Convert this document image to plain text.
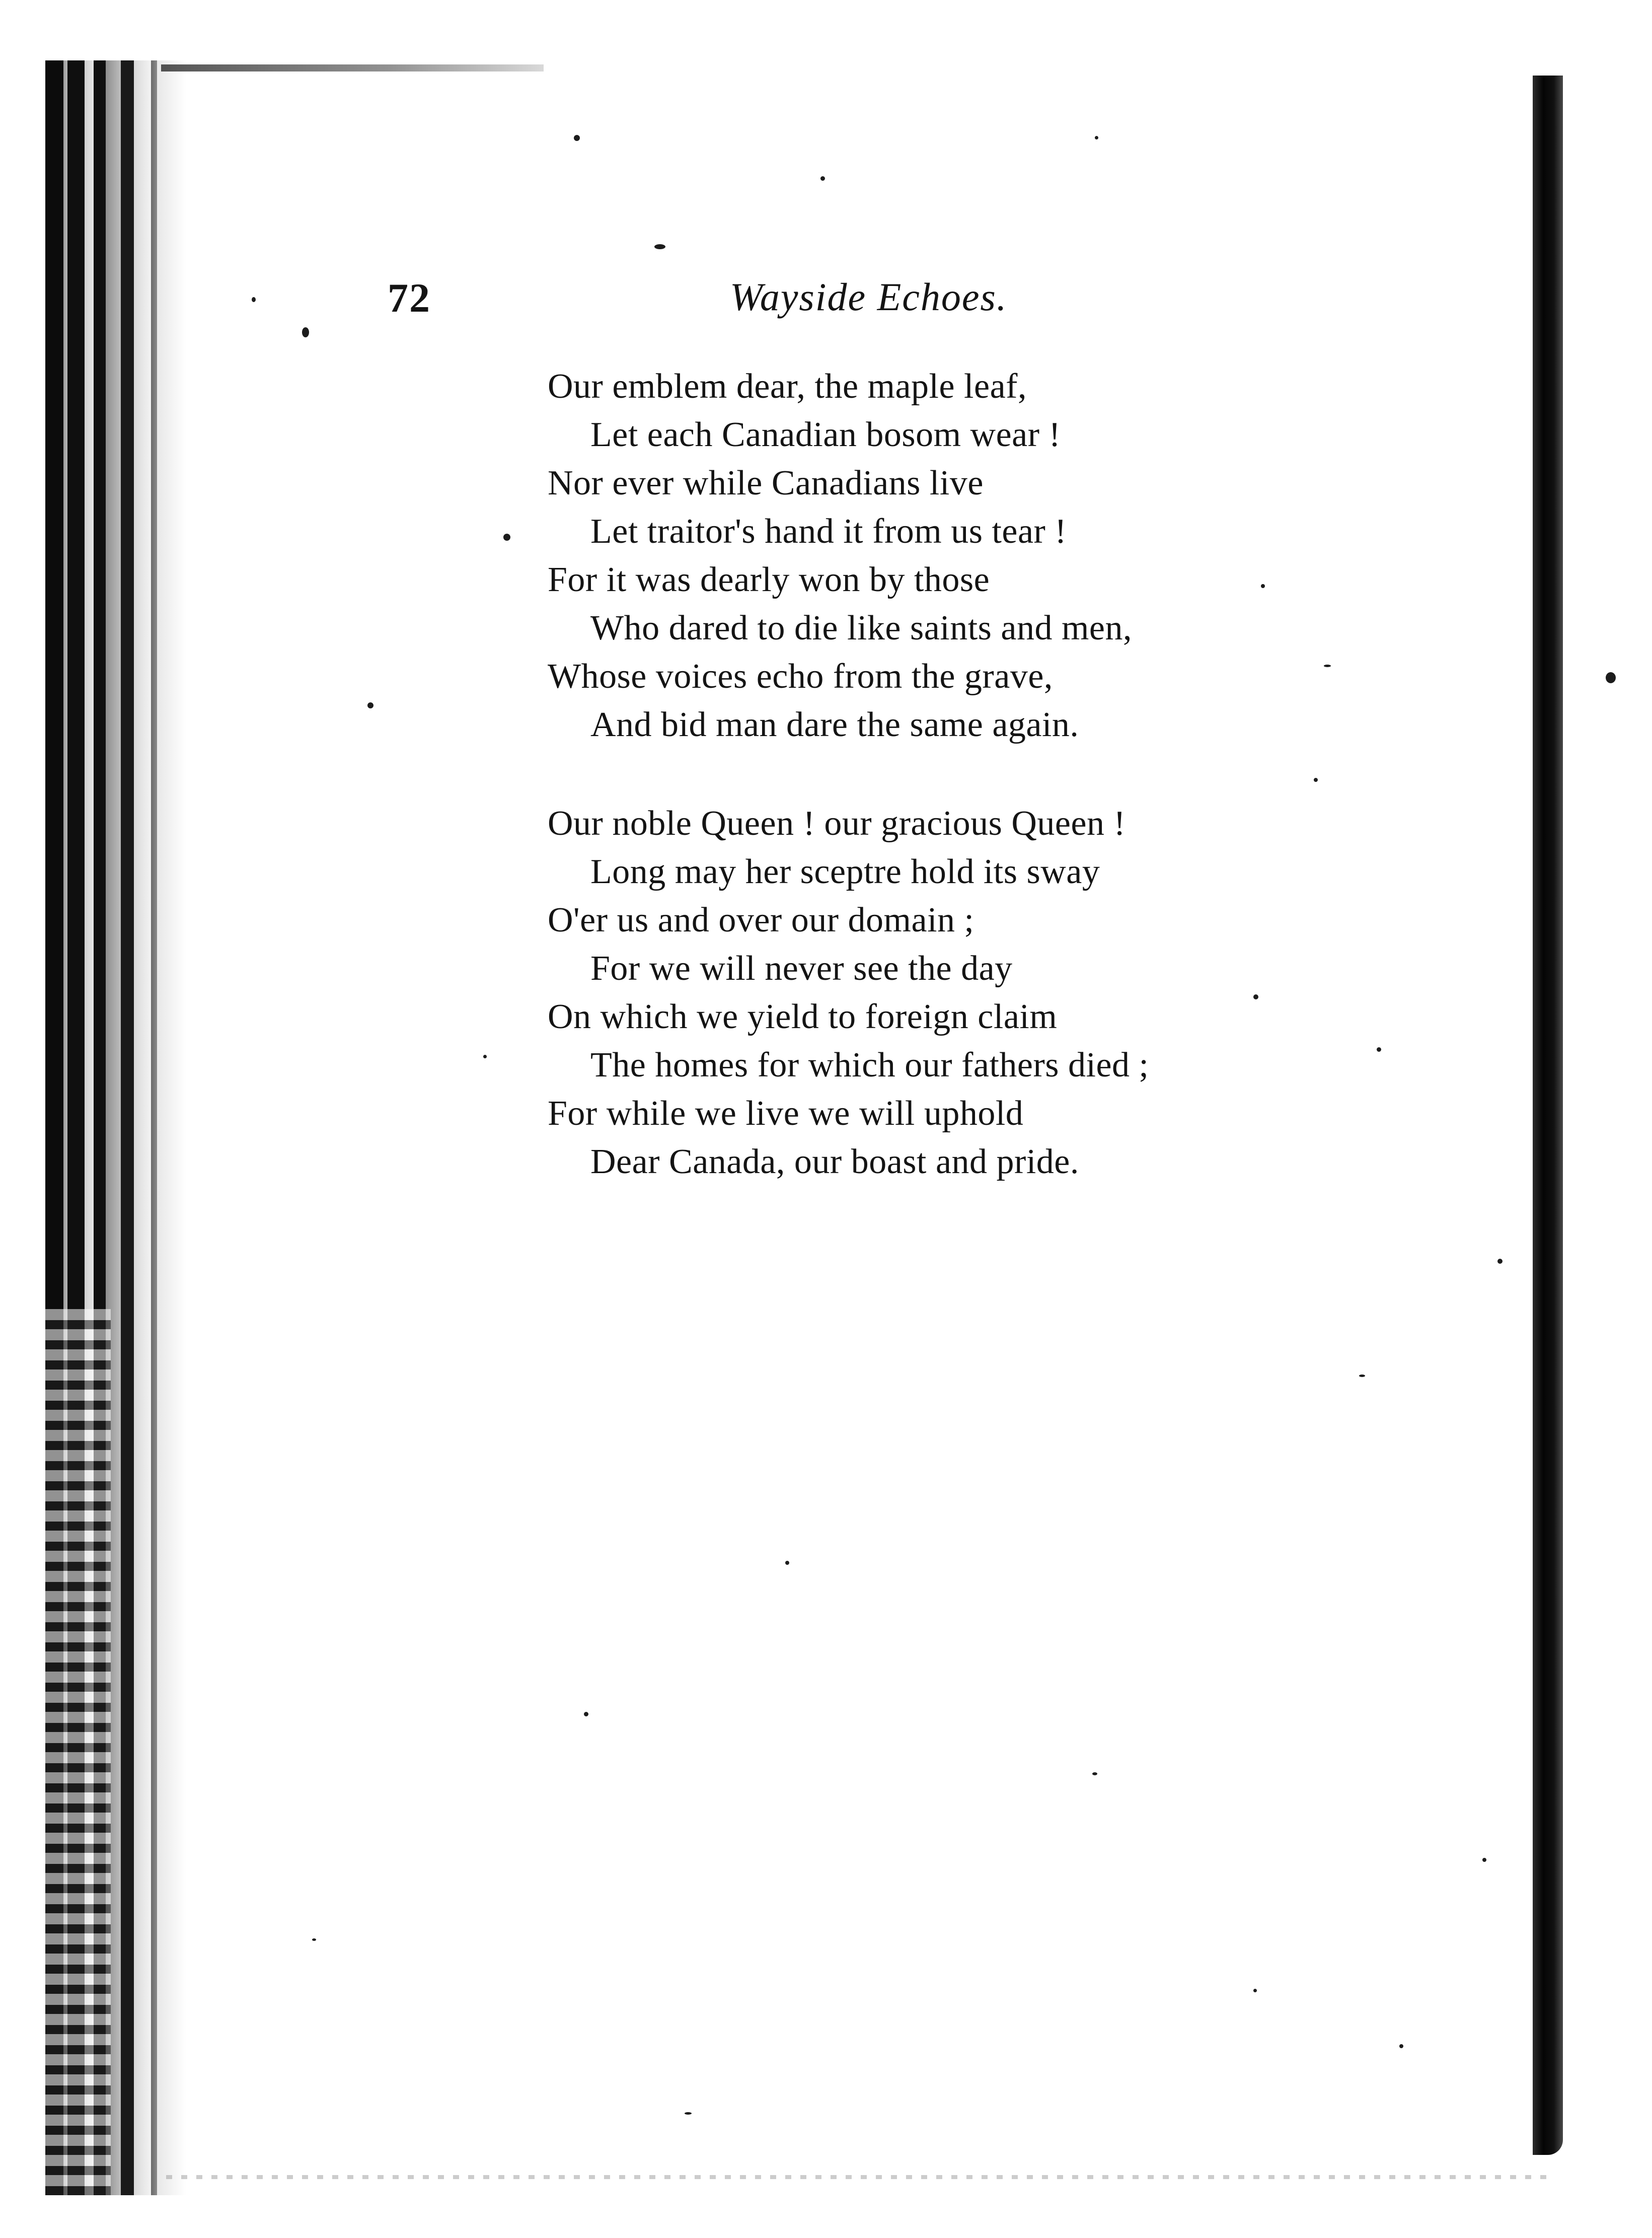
72	Wayside Echoes.
Our emblem dear, the maple leaf,
Let each Canadian bosom wear !
Nor ever while Canadians live
Let traitor's hand it from us tear !
For it was dearly won by those
Who dared to die like saints and men,
Whose voices echo from the grave,
And bid man dare the same again.
Our noble Queen ! our gracious Queen !
Long may her sceptre hold its sway
O'er us and over our domain ;
For we will never see the day
On which we yield to foreign claim
The homes for which our fathers died ;
For while we live we will uphold
Dear Canada, our boast and pride.
